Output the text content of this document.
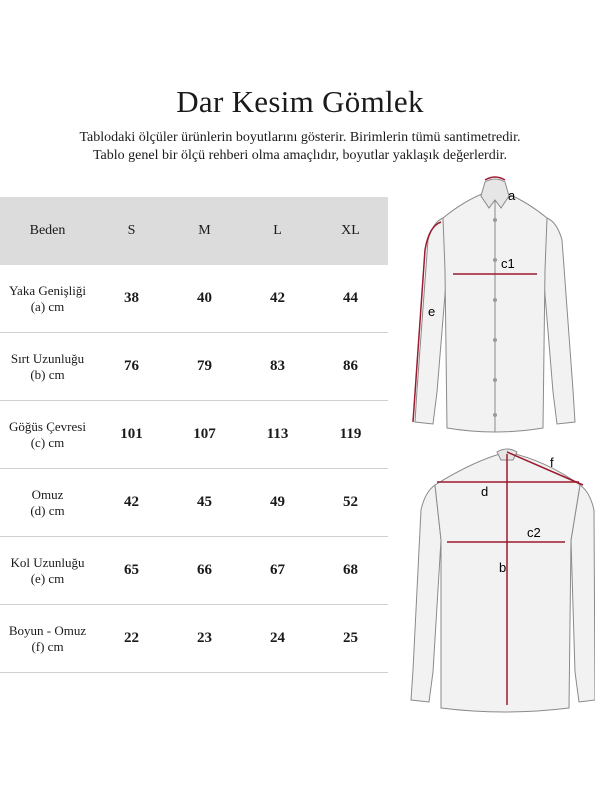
Dar Kesim Gömlek
Tablodaki ölçüler ürünlerin boyutlarını gösterir. Birimlerin tümü santimetredir.
Tablo genel bir ölçü rehberi olma amaçlıdır, boyutlar yaklaşık değerlerdir.
Beden	S	M	L	XL
Yaka Genişliği
(a) cm	38	40	42	44
Sırt Uzunluğu
(b) cm	76	79	83	86
Göğüs Çevresi
(c) cm	101	107	113	119
Omuz
(d) cm	42	45	49	52
Kol Uzunluğu
(e) cm	65	66	67	68
Boyun - Omuz
(f) cm	22	23	24	25
a
c1
e
d
f
c2
b
